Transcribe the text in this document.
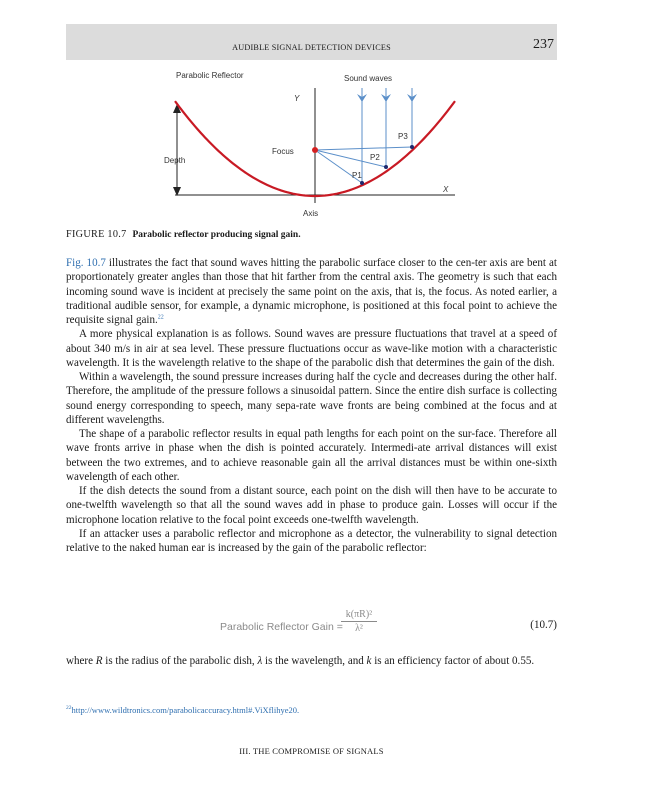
AUDIBLE SIGNAL DETECTION DEVICES	237
Parabolic Reflector	Sound waves
Y
X
Focus
Depth
Axis
P1
P2
P3
FIGURE 10.7 Parabolic reflector producing signal gain.

Fig. 10.7 illustrates the fact that sound waves hitting the parabolic surface closer to the cen-ter axis are bent at proportionately greater angles than those that hit farther from the central axis. The geometry is such that each incoming sound wave is incident at precisely the same point on the axis, that is, the focus. As noted earlier, a traditional audible sensor, for example, a dynamic microphone, is positioned at this focal point to achieve the requisite signal gain.$^{22}$

A more physical explanation is as follows. Sound waves are pressure fluctuations that travel at a speed of about 340 m/s in air at sea level. These pressure fluctuations occur as wave-like motion with a characteristic wavelength. It is the wavelength relative to the shape of the parabolic dish that determines the gain of the dish.

Within a wavelength, the sound pressure increases during half the cycle and decreases during the other half. Therefore, the amplitude of the pressure follows a sinusoidal pattern. Since the entire dish surface is collecting sound energy corresponding to speech, many sepa-rate wave fronts are being combined at the focus and at different wavelengths.

The shape of a parabolic reflector results in equal path lengths for each point on the sur-face. Therefore all wave fronts arrive in phase when the dish is pointed accurately. Intermedi-ate arrival distances will exist between the two extremes, and to achieve reasonable gain all the arrival distances must be within one-sixth wavelength of each other.

If the dish detects the sound from a distant source, each point on the dish will then have to be accurate to one-twelfth wavelength so that all the sound waves add in phase to produce gain. Losses will occur if the microphone location relative to the focal point exceeds one-twelfth wavelength.

If an attacker uses a parabolic reflector and microphone as a detector, the vulnerability to signal detection relative to the naked human ear is increased by the gain of the parabolic reflector:

Parabolic Reflector Gain =
k(πR)²
λ²	(10.7)

where R is the radius of the parabolic dish, λ is the wavelength, and k is an efficiency factor of about 0.55.

$^{22}$http://www.wildtronics.com/parabolicaccuracy.html#.ViXflihye20.
III. THE COMPROMISE OF SIGNALS
